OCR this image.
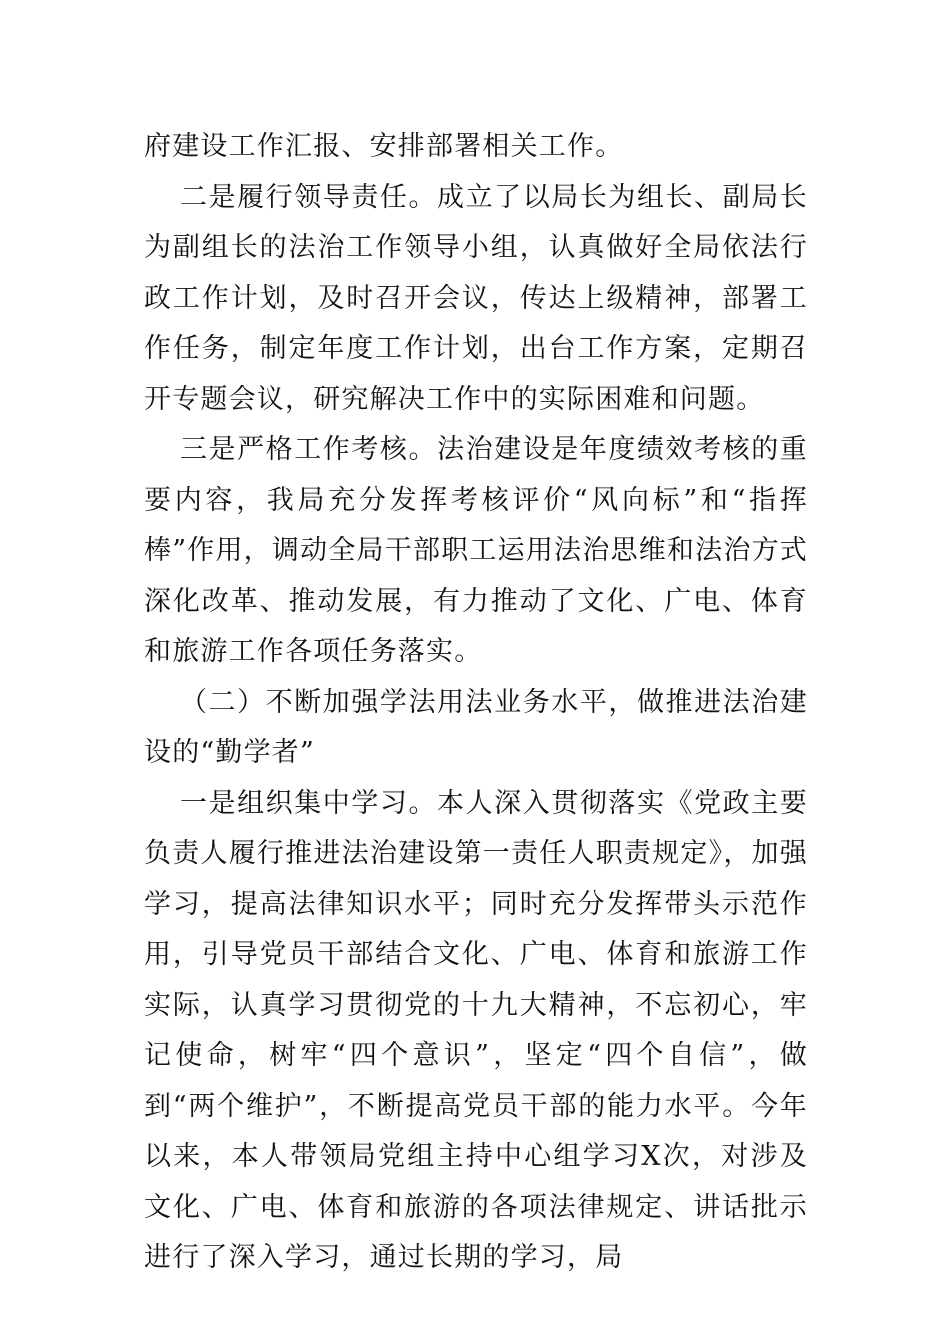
府建设工作汇报、安排部署相关工作。

二是履行领导责任。成立了以局长为组长、副局长为副组长的法治工作领导小组，认真做好全局依法行政工作计划，及时召开会议，传达上级精神，部署工作任务，制定年度工作计划，出台工作方案，定期召开专题会议，研究解决工作中的实际困难和问题。

三是严格工作考核。法治建设是年度绩效考核的重要内容，我局充分发挥考核评价“风向标”和“指挥棒”作用，调动全局干部职工运用法治思维和法治方式深化改革、推动发展，有力推动了文化、广电、体育和旅游工作各项任务落实。

（二）不断加强学法用法业务水平，做推进法治建设的“勤学者”

一是组织集中学习。本人深入贯彻落实《党政主要负责人履行推进法治建设第一责任人职责规定》，加强学习，提高法律知识水平；同时充分发挥带头示范作用，引导党员干部结合文化、广电、体育和旅游工作实际，认真学习贯彻党的十九大精神，不忘初心，牢记使命，树牢“四个意识”，坚定“四个自信”，做到“两个维护”，不断提高党员干部的能力水平。今年以来，本人带领局党组主持中心组学习X次，对涉及文化、广电、体育和旅游的各项法律规定、讲话批示进行了深入学习，通过长期的学习，局
